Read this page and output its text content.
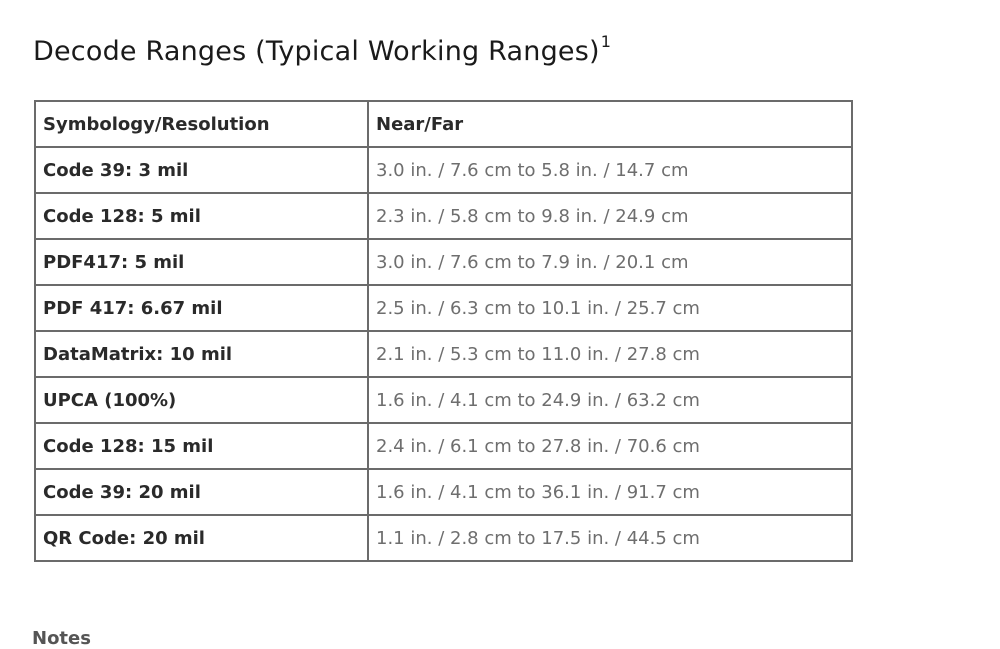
Decode Ranges (Typical Working Ranges)$^1$
Symbology/Resolution	Near/Far
Code 39: 3 mil	3.0 in. / 7.6 cm to 5.8 in. / 14.7 cm
Code 128: 5 mil	2.3 in. / 5.8 cm to 9.8 in. / 24.9 cm
PDF417: 5 mil	3.0 in. / 7.6 cm to 7.9 in. / 20.1 cm
PDF 417: 6.67 mil	2.5 in. / 6.3 cm to 10.1 in. / 25.7 cm
DataMatrix: 10 mil	2.1 in. / 5.3 cm to 11.0 in. / 27.8 cm
UPCA (100%)	1.6 in. / 4.1 cm to 24.9 in. / 63.2 cm
Code 128: 15 mil	2.4 in. / 6.1 cm to 27.8 in. / 70.6 cm
Code 39: 20 mil	1.6 in. / 4.1 cm to 36.1 in. / 91.7 cm
QR Code: 20 mil	1.1 in. / 2.8 cm to 17.5 in. / 44.5 cm
Notes
